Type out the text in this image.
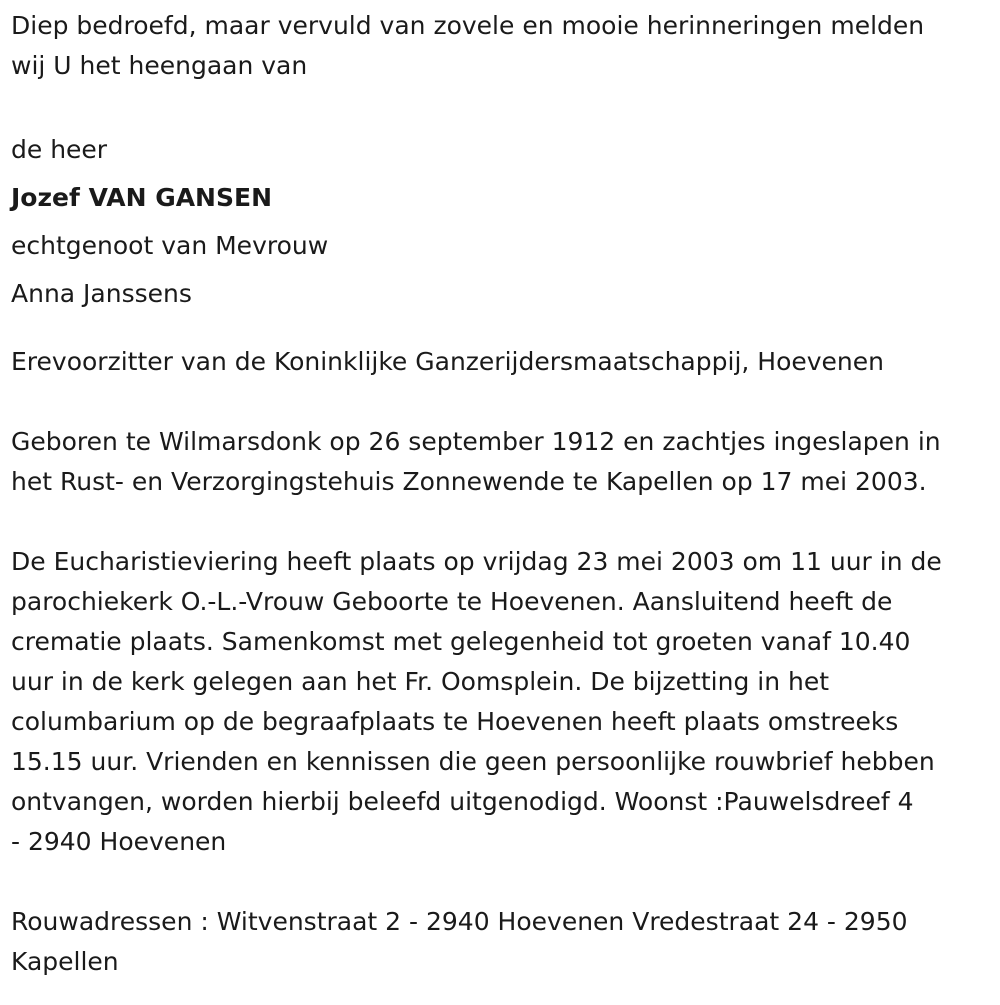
Diep bedroefd, maar vervuld van zovele en mooie herinneringen melden
wij U het heengaan van

de heer

Jozef VAN GANSEN

echtgenoot van Mevrouw

Anna Janssens

Erevoorzitter van de Koninklijke Ganzerijdersmaatschappij, Hoevenen

Geboren te Wilmarsdonk op 26 september 1912 en zachtjes ingeslapen in
het Rust- en Verzorgingstehuis Zonnewende te Kapellen op 17 mei 2003.

De Eucharistieviering heeft plaats op vrijdag 23 mei 2003 om 11 uur in de
parochiekerk O.-L.-Vrouw Geboorte te Hoevenen. Aansluitend heeft de
crematie plaats. Samenkomst met gelegenheid tot groeten vanaf 10.40
uur in de kerk gelegen aan het Fr. Oomsplein. De bijzetting in het
columbarium op de begraafplaats te Hoevenen heeft plaats omstreeks
15.15 uur. Vrienden en kennissen die geen persoonlijke rouwbrief hebben
ontvangen, worden hierbij beleefd uitgenodigd. Woonst :Pauwelsdreef 4
- 2940 Hoevenen

Rouwadressen : Witvenstraat 2 - 2940 Hoevenen Vredestraat 24 - 2950
Kapellen
